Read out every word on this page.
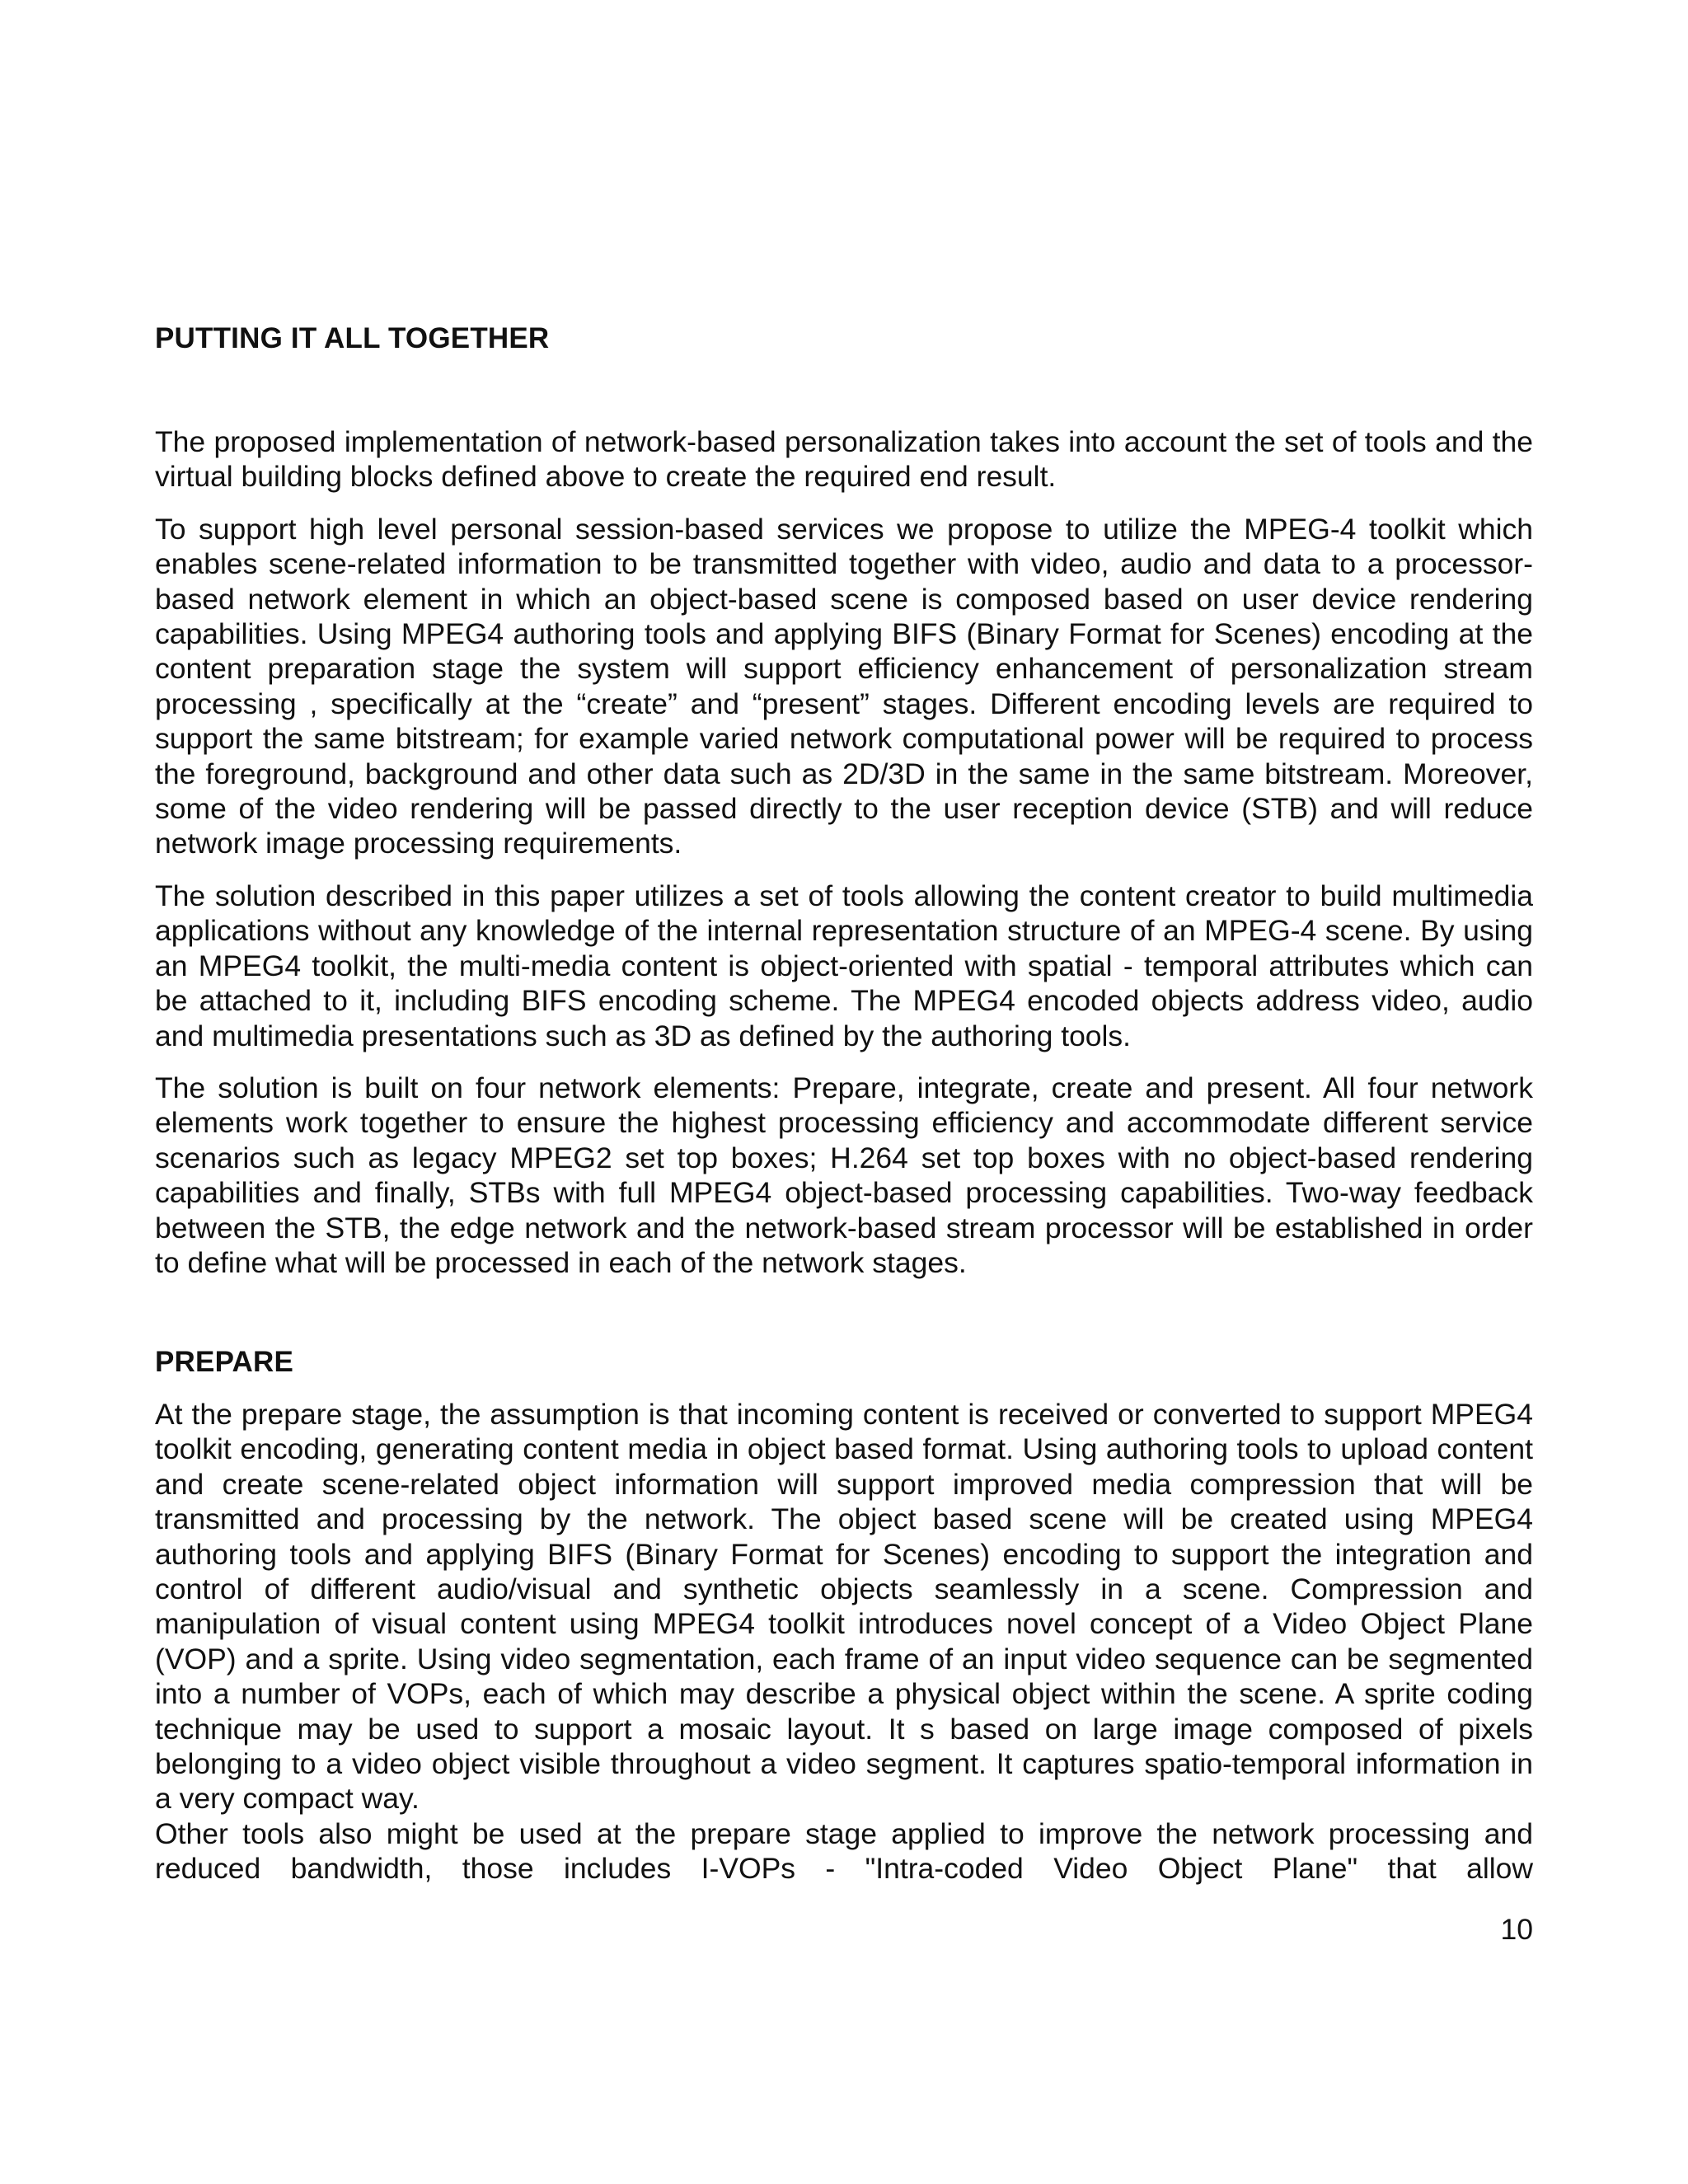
PUTTING IT ALL TOGETHER

The proposed implementation of network-based personalization takes into account the set of tools and the virtual building blocks defined above to create the required end result.

To support high level personal session-based services we propose to utilize the MPEG-4 toolkit which enables scene-related information to be transmitted together with video, audio and data to a processor-based network element in which an object-based scene is composed based on user device rendering capabilities. Using MPEG4 authoring tools and applying BIFS (Binary Format for Scenes) encoding at the content preparation stage the system will support efficiency enhancement of personalization stream processing , specifically at the “create” and “present” stages. Different encoding levels are required to support the same bitstream; for example varied network computational power will be required to process the foreground, background and other data such as 2D/3D in the same in the same bitstream. Moreover, some of the video rendering will be passed directly to the user reception device (STB) and will reduce network image processing requirements.

The solution described in this paper utilizes a set of tools allowing the content creator to build multimedia applications without any knowledge of the internal representation structure of an MPEG-4 scene. By using an MPEG4 toolkit, the multi-media content is object-oriented with spatial - temporal attributes which can be attached to it, including BIFS encoding scheme. The MPEG4 encoded objects address video, audio and multimedia presentations such as 3D as defined by the authoring tools.

The solution is built on four network elements: Prepare, integrate, create and present. All four network elements work together to ensure the highest processing efficiency and accommodate different service scenarios such as legacy MPEG2 set top boxes; H.264 set top boxes with no object-based rendering capabilities and finally, STBs with full MPEG4 object-based processing capabilities. Two-way feedback between the STB, the edge network and the network-based stream processor will be established in order to define what will be processed in each of the network stages.

PREPARE

At the prepare stage, the assumption is that incoming content is received or converted to support MPEG4 toolkit encoding, generating content media in object based format. Using authoring tools to upload content and create scene-related object information will support improved media compression that will be transmitted and processing by the network. The object based scene will be created using MPEG4 authoring tools and applying BIFS (Binary Format for Scenes) encoding to support the integration and control of different audio/visual and synthetic objects seamlessly in a scene. Compression and manipulation of visual content using MPEG4 toolkit introduces novel concept of a Video Object Plane (VOP) and a sprite. Using video segmentation, each frame of an input video sequence can be segmented into a number of VOPs, each of which may describe a physical object within the scene. A sprite coding technique may be used to support a mosaic layout. It s based on large image composed of pixels belonging to a video object visible throughout a video segment. It captures spatio-temporal information in a very compact way.

Other tools also might be used at the prepare stage applied to improve the network processing and reduced bandwidth, those includes I-VOPs - "Intra-coded Video Object Plane" that allow

10
